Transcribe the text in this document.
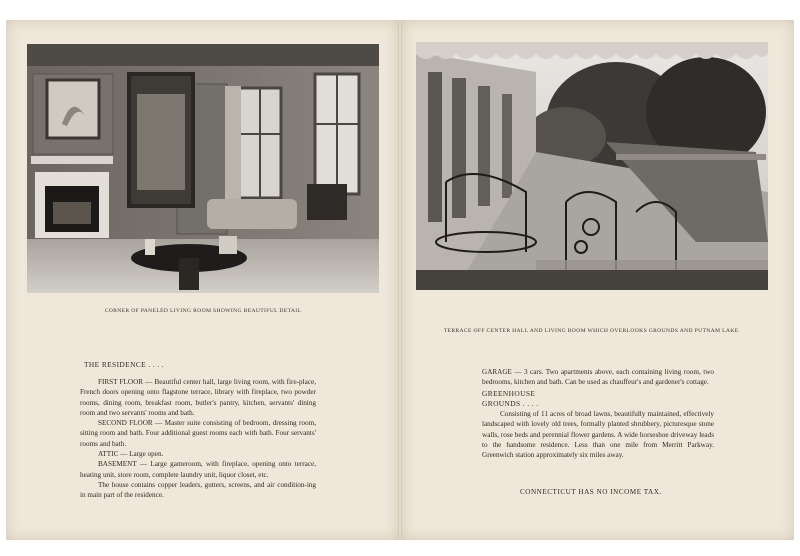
CORNER OF PANELED LIVING ROOM SHOWING BEAUTIFUL DETAIL
THE RESIDENCE . . . .

FIRST FLOOR — Beautiful center hall, large living room, with fire-place, French doors opening onto flagstone terrace, library with fireplace, two powder rooms, dining room, breakfast room, butler's pantry, kitchen, servants' dining room and two servants' rooms and bath.

SECOND FLOOR — Master suite consisting of bedroom, dressing room, sitting room and bath. Four additional guest rooms each with bath. Four servants' rooms and bath.

ATTIC — Large open.

BASEMENT — Large gameroom, with fireplace, opening onto terrace, heating unit, store room, complete laundry unit, liquor closet, etc.

The house contains copper leaders, gutters, screens, and air condition-ing in main part of the residence.

TERRACE OFF CENTER HALL AND LIVING ROOM WHICH OVERLOOKS GROUNDS AND PUTNAM LAKE.
GARAGE — 3 cars. Two apartments above, each containing living room, two bedrooms, kitchen and bath. Can be used as chauffeur's and gardener's cottage.
GREENHOUSE
GROUNDS . . . .
Consisting of 11 acres of broad lawns, beautifully maintained, effectively landscaped with lovely old trees, formally planted shrubbery, picturesque stone walls, rose beds and perennial flower gardens. A wide horseshoe driveway leads to the handsome residence. Less than one mile from Merritt Parkway. Greenwich station approximately six miles away.
CONNECTICUT HAS NO INCOME TAX.
